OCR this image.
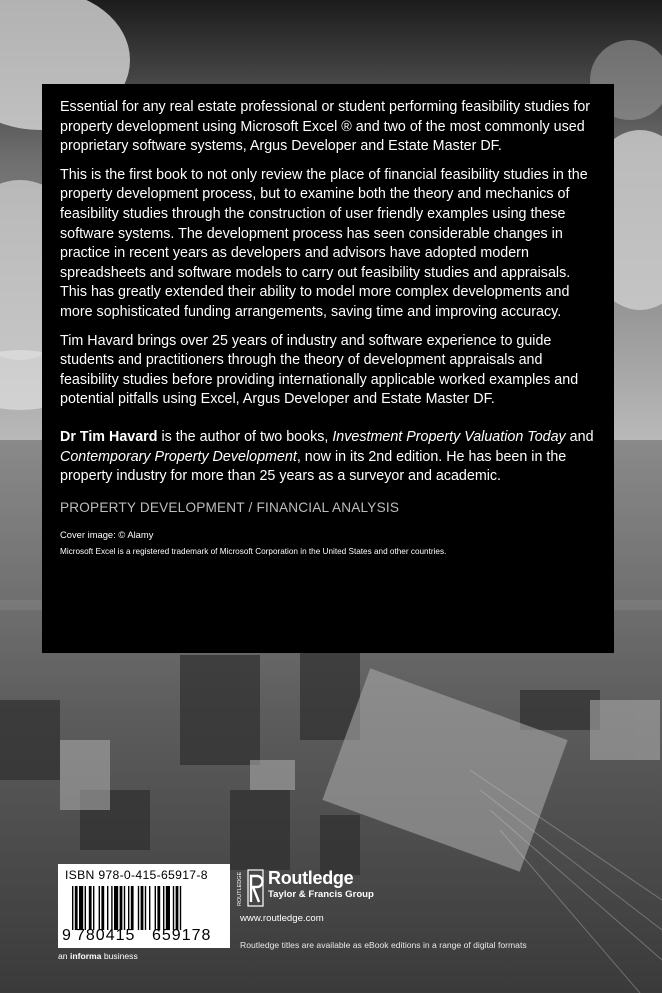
Essential for any real estate professional or student performing feasibility studies for property development using Microsoft Excel ® and two of the most commonly used proprietary software systems, Argus Developer and Estate Master DF.

This is the first book to not only review the place of financial feasibility studies in the property development process, but to examine both the theory and mechanics of feasibility studies through the construction of user friendly examples using these software systems. The development process has seen considerable changes in practice in recent years as developers and advisors have adopted modern spreadsheets and software models to carry out feasibility studies and appraisals. This has greatly extended their ability to model more complex developments and more sophisticated funding arrangements, saving time and improving accuracy.

Tim Havard brings over 25 years of industry and software experience to guide students and practitioners through the theory of development appraisals and feasibility studies before providing internationally applicable worked examples and potential pitfalls using Excel, Argus Developer and Estate Master DF.

Dr Tim Havard is the author of two books, Investment Property Valuation Today and Contemporary Property Development, now in its 2nd edition. He has been in the property industry for more than 25 years as a surveyor and academic.

PROPERTY DEVELOPMENT / FINANCIAL ANALYSIS
Cover image: © Alamy
Microsoft Excel is a registered trademark of Microsoft Corporation in the United States and other countries.
ISBN 978-0-415-65917-8
9 780415	659178
an informa business
ROUTLEDGE Routledge
Taylor & Francis Group
www.routledge.com
Routledge titles are available as eBook editions in a range of digital formats
